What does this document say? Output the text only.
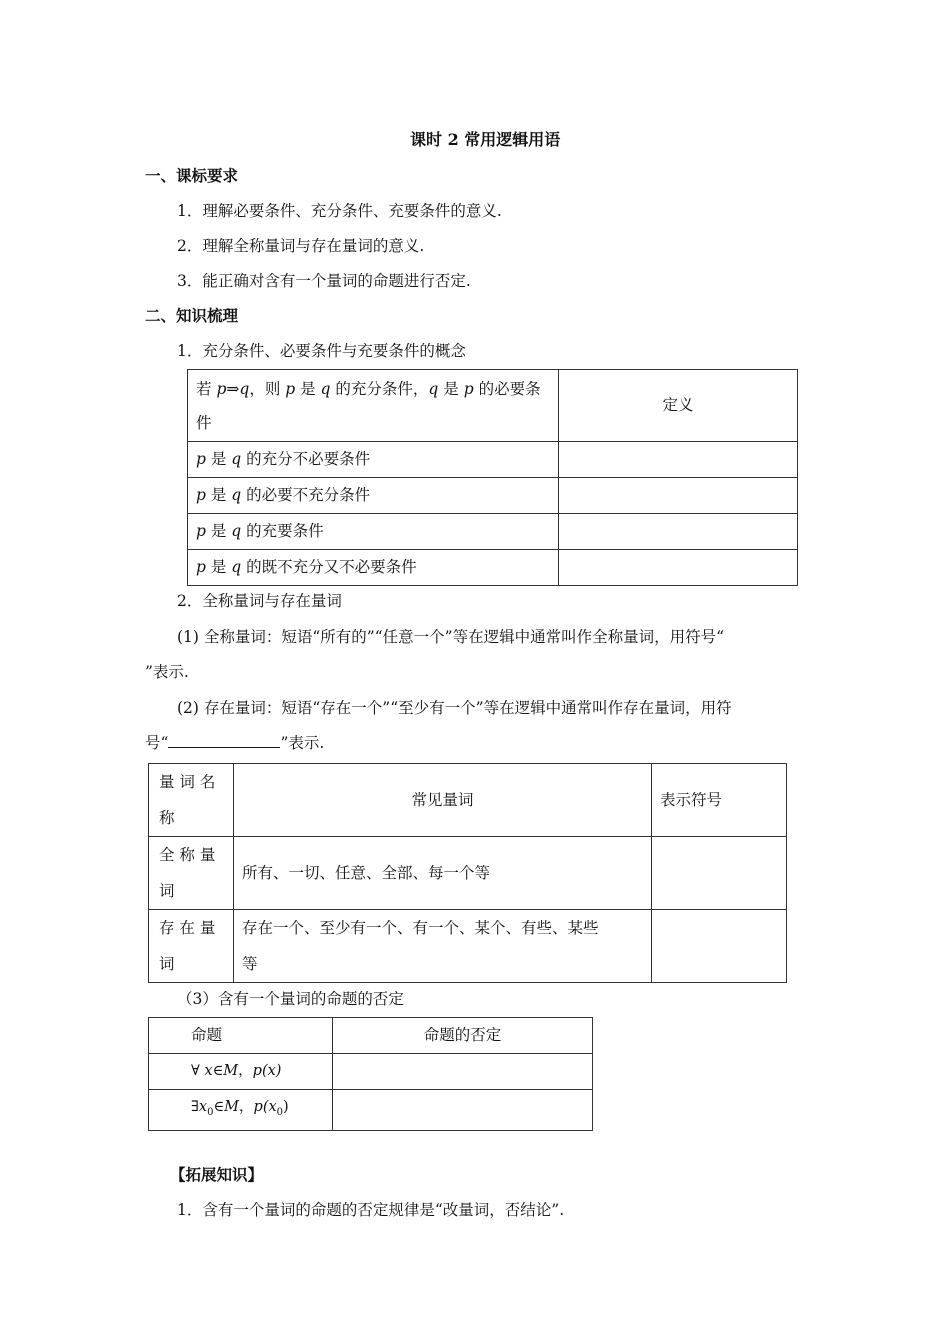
课时 2 常用逻辑用语
一、课标要求
1．理解必要条件、充分条件、充要条件的意义.
2．理解全称量词与存在量词的意义.
3．能正确对含有一个量词的命题进行否定.
二、知识梳理
1．充分条件、必要条件与充要条件的概念
若 p⇒q，则 p 是 q 的充分条件，q 是 p 的必要条
件	定义
p 是 q 的充分不必要条件	
p 是 q 的必要不充分条件	
p 是 q 的充要条件	
p 是 q 的既不充分又不必要条件	
2．全称量词与存在量词
(1) 全称量词：短语“所有的”“任意一个”等在逻辑中通常叫作全称量词，用符号“
”表示.
(2) 存在量词：短语“存在一个”“至少有一个”等在逻辑中通常叫作存在量词，用符
号“	”表示.
量 词 名
称	常见量词	表示符号
全 称 量
词	所有、一切、任意、全部、每一个等	
存 在 量
词	存在一个、至少有一个、有一个、某个、有些、某些
等	
（3）含有一个量词的命题的否定
命题	命题的否定
∀ x∈M，p(x)	
$\exists x_0\in M$，$p(x_0)$	
【拓展知识】
1．含有一个量词的命题的否定规律是“改量词，否结论”.
